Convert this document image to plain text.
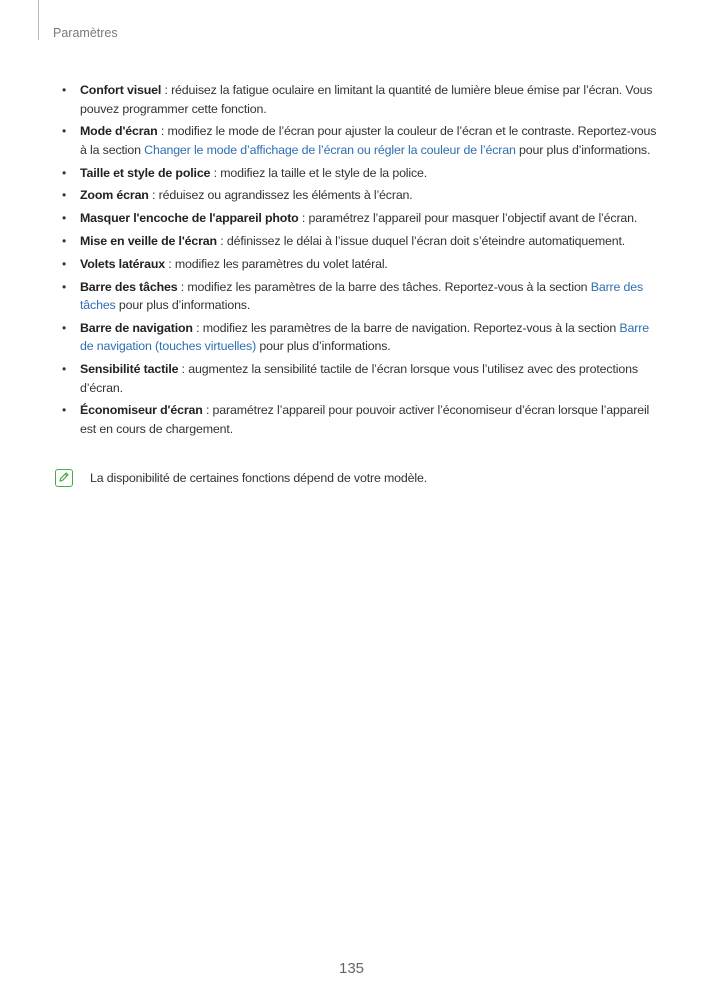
Paramètres
• Confort visuel : réduisez la fatigue oculaire en limitant la quantité de lumière bleue émise par l’écran. Vous pouvez programmer cette fonction.
• Mode d'écran : modifiez le mode de l’écran pour ajuster la couleur de l’écran et le contraste. Reportez-vous à la section Changer le mode d’affichage de l’écran ou régler la couleur de l’écran pour plus d’informations.
• Taille et style de police : modifiez la taille et le style de la police.
• Zoom écran : réduisez ou agrandissez les éléments à l’écran.
• Masquer l'encoche de l'appareil photo : paramétrez l’appareil pour masquer l’objectif avant de l’écran.
• Mise en veille de l'écran : définissez le délai à l’issue duquel l’écran doit s’éteindre automatiquement.
• Volets latéraux : modifiez les paramètres du volet latéral.
• Barre des tâches : modifiez les paramètres de la barre des tâches. Reportez-vous à la section Barre des tâches pour plus d’informations.
• Barre de navigation : modifiez les paramètres de la barre de navigation. Reportez-vous à la section Barre de navigation (touches virtuelles) pour plus d’informations.
• Sensibilité tactile : augmentez la sensibilité tactile de l’écran lorsque vous l’utilisez avec des protections d’écran.
• Économiseur d'écran : paramétrez l’appareil pour pouvoir activer l’économiseur d’écran lorsque l’appareil est en cours de chargement.
La disponibilité de certaines fonctions dépend de votre modèle.
135
